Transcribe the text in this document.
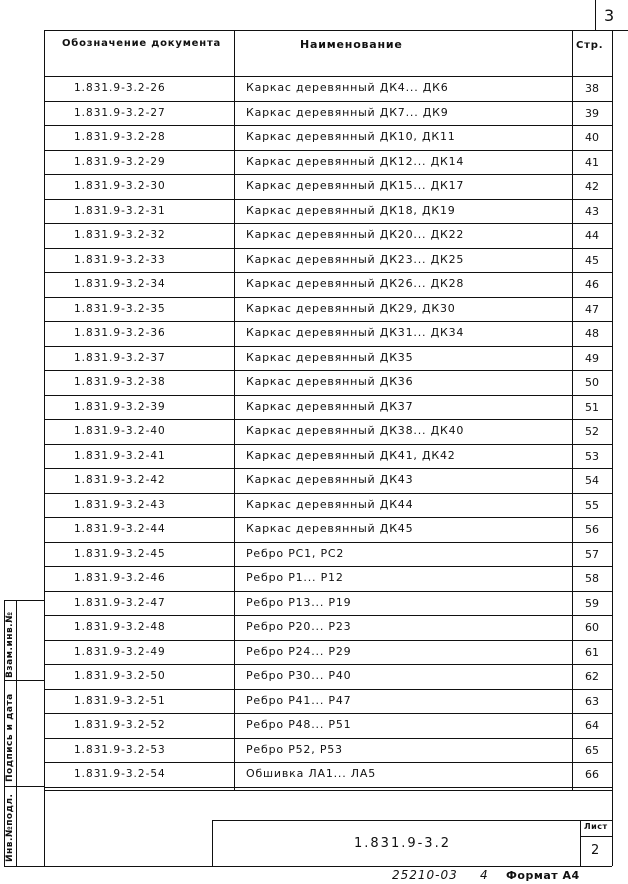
3
Обозначение документа	Наименование	Стр.
1.831.9-3.2-26	Каркас деревянный ДК4... ДК6	38
1.831.9-3.2-27	Каркас деревянный ДК7... ДК9	39
1.831.9-3.2-28	Каркас деревянный ДК10, ДК11	40
1.831.9-3.2-29	Каркас деревянный ДК12... ДК14	41
1.831.9-3.2-30	Каркас деревянный ДК15... ДК17	42
1.831.9-3.2-31	Каркас деревянный ДК18, ДК19	43
1.831.9-3.2-32	Каркас деревянный ДК20... ДК22	44
1.831.9-3.2-33	Каркас деревянный ДК23... ДК25	45
1.831.9-3.2-34	Каркас деревянный ДК26... ДК28	46
1.831.9-3.2-35	Каркас деревянный ДК29, ДК30	47
1.831.9-3.2-36	Каркас деревянный ДК31... ДК34	48
1.831.9-3.2-37	Каркас деревянный ДК35	49
1.831.9-3.2-38	Каркас деревянный ДК36	50
1.831.9-3.2-39	Каркас деревянный ДК37	51
1.831.9-3.2-40	Каркас деревянный ДК38... ДК40	52
1.831.9-3.2-41	Каркас деревянный ДК41, ДК42	53
1.831.9-3.2-42	Каркас деревянный ДК43	54
1.831.9-3.2-43	Каркас деревянный ДК44	55
1.831.9-3.2-44	Каркас деревянный ДК45	56
1.831.9-3.2-45	Ребро РС1, РС2	57
1.831.9-3.2-46	Ребро Р1... Р12	58
1.831.9-3.2-47	Ребро Р13... Р19	59
1.831.9-3.2-48	Ребро Р20... Р23	60
1.831.9-3.2-49	Ребро Р24... Р29	61
1.831.9-3.2-50	Ребро Р30... Р40	62
1.831.9-3.2-51	Ребро Р41... Р47	63
1.831.9-3.2-52	Ребро Р48... Р51	64
1.831.9-3.2-53	Ребро Р52, Р53	65
1.831.9-3.2-54	Обшивка ЛА1... ЛА5	66
Взам.инв.№
Подпись и дата
Инв.№подл.	1.831.9-3.2
Лист
2
25210-03 4 Формат А4
